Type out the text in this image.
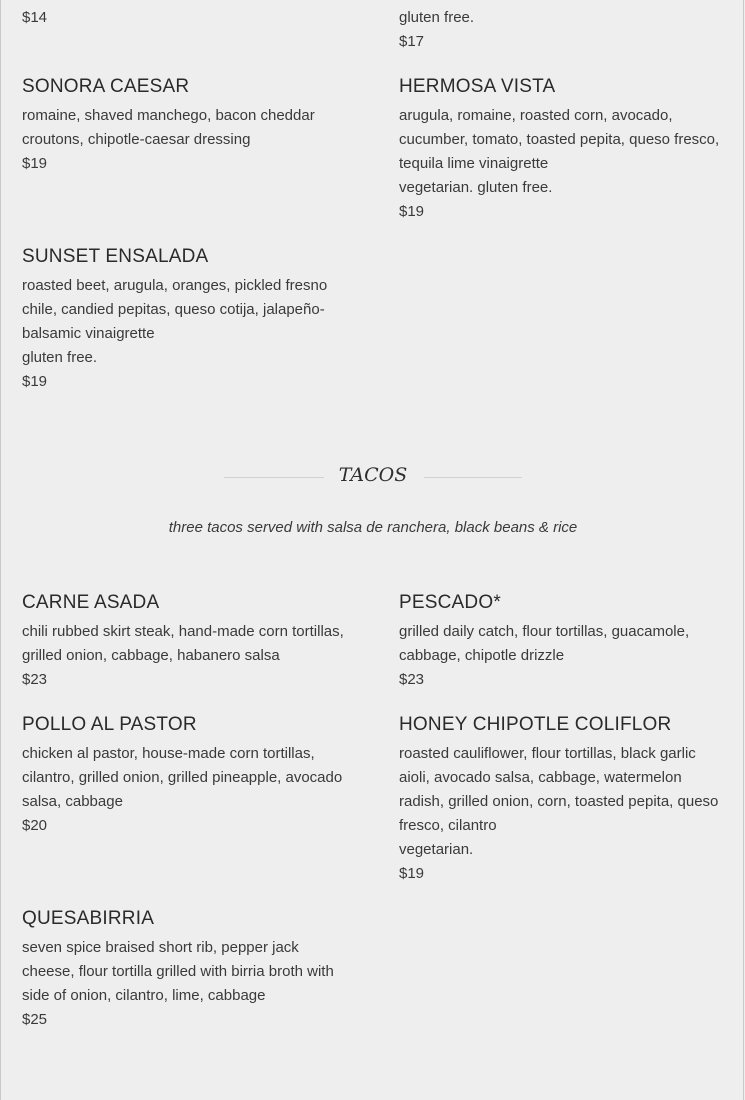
$14	gluten free.
$17
SONORA CAESAR

romaine, shaved manchego, bacon cheddar croutons, chipotle-caesar dressing

$19

HERMOSA VISTA

arugula, romaine, roasted corn, avocado, cucumber, tomato, toasted pepita, queso fresco, tequila lime vinaigrette

vegetarian. gluten free.

$19

SUNSET ENSALADA

roasted beet, arugula, oranges, pickled fresno chile, candied pepitas, queso cotija, jalapeño-balsamic vinaigrette

gluten free.

$19

TACOS
three tacos served with salsa de ranchera, black beans & rice
CARNE ASADA

chili rubbed skirt steak, hand-made corn tortillas, grilled onion, cabbage, habanero salsa

$23

PESCADO*

grilled daily catch, flour tortillas, guacamole, cabbage, chipotle drizzle

$23

POLLO AL PASTOR

chicken al pastor, house-made corn tortillas, cilantro, grilled onion, grilled pineapple, avocado salsa, cabbage

$20

HONEY CHIPOTLE COLIFLOR

roasted cauliflower, flour tortillas, black garlic aioli, avocado salsa, cabbage, watermelon radish, grilled onion, corn, toasted pepita, queso fresco, cilantro

vegetarian.

$19

QUESABIRRIA

seven spice braised short rib, pepper jack cheese, flour tortilla grilled with birria broth with side of onion, cilantro, lime, cabbage

$25
